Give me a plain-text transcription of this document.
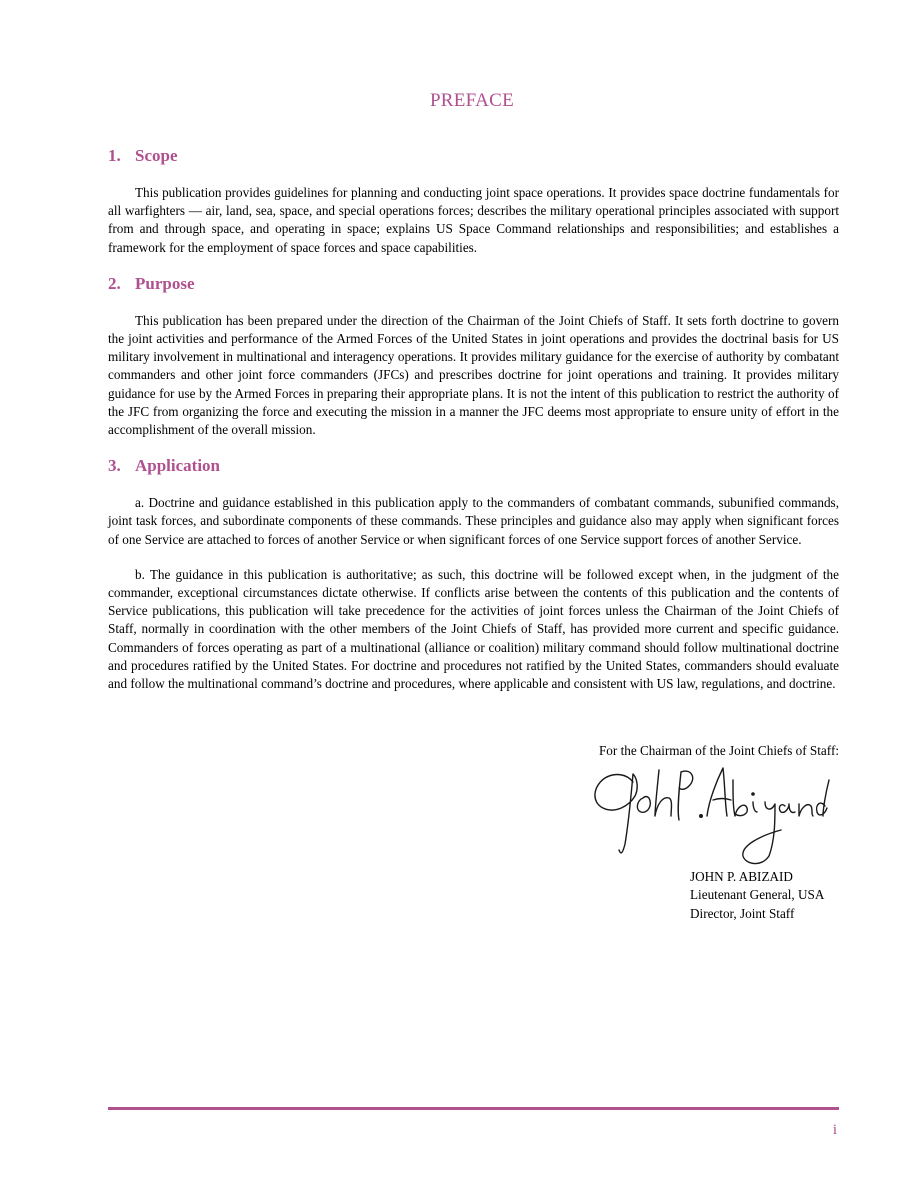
PREFACE
1. Scope

This publication provides guidelines for planning and conducting joint space operations. It provides space doctrine fundamentals for all warfighters — air, land, sea, space, and special operations forces; describes the military operational principles associated with support from and through space, and operating in space; explains US Space Command relationships and responsibilities; and establishes a framework for the employment of space forces and space capabilities.

2. Purpose

This publication has been prepared under the direction of the Chairman of the Joint Chiefs of Staff. It sets forth doctrine to govern the joint activities and performance of the Armed Forces of the United States in joint operations and provides the doctrinal basis for US military involvement in multinational and interagency operations. It provides military guidance for the exercise of authority by combatant commanders and other joint force commanders (JFCs) and prescribes doctrine for joint operations and training. It provides military guidance for use by the Armed Forces in preparing their appropriate plans. It is not the intent of this publication to restrict the authority of the JFC from organizing the force and executing the mission in a manner the JFC deems most appropriate to ensure unity of effort in the accomplishment of the overall mission.

3. Application

a. Doctrine and guidance established in this publication apply to the commanders of combatant commands, subunified commands, joint task forces, and subordinate components of these commands. These principles and guidance also may apply when significant forces of one Service are attached to forces of another Service or when significant forces of one Service support forces of another Service.

b. The guidance in this publication is authoritative; as such, this doctrine will be followed except when, in the judgment of the commander, exceptional circumstances dictate otherwise. If conflicts arise between the contents of this publication and the contents of Service publications, this publication will take precedence for the activities of joint forces unless the Chairman of the Joint Chiefs of Staff, normally in coordination with the other members of the Joint Chiefs of Staff, has provided more current and specific guidance. Commanders of forces operating as part of a multinational (alliance or coalition) military command should follow multinational doctrine and procedures ratified by the United States. For doctrine and procedures not ratified by the United States, commanders should evaluate and follow the multinational command’s doctrine and procedures, where applicable and consistent with US law, regulations, and doctrine.

For the Chairman of the Joint Chiefs of Staff:
JOHN P. ABIZAID
Lieutenant General, USA
Director, Joint Staff
i
